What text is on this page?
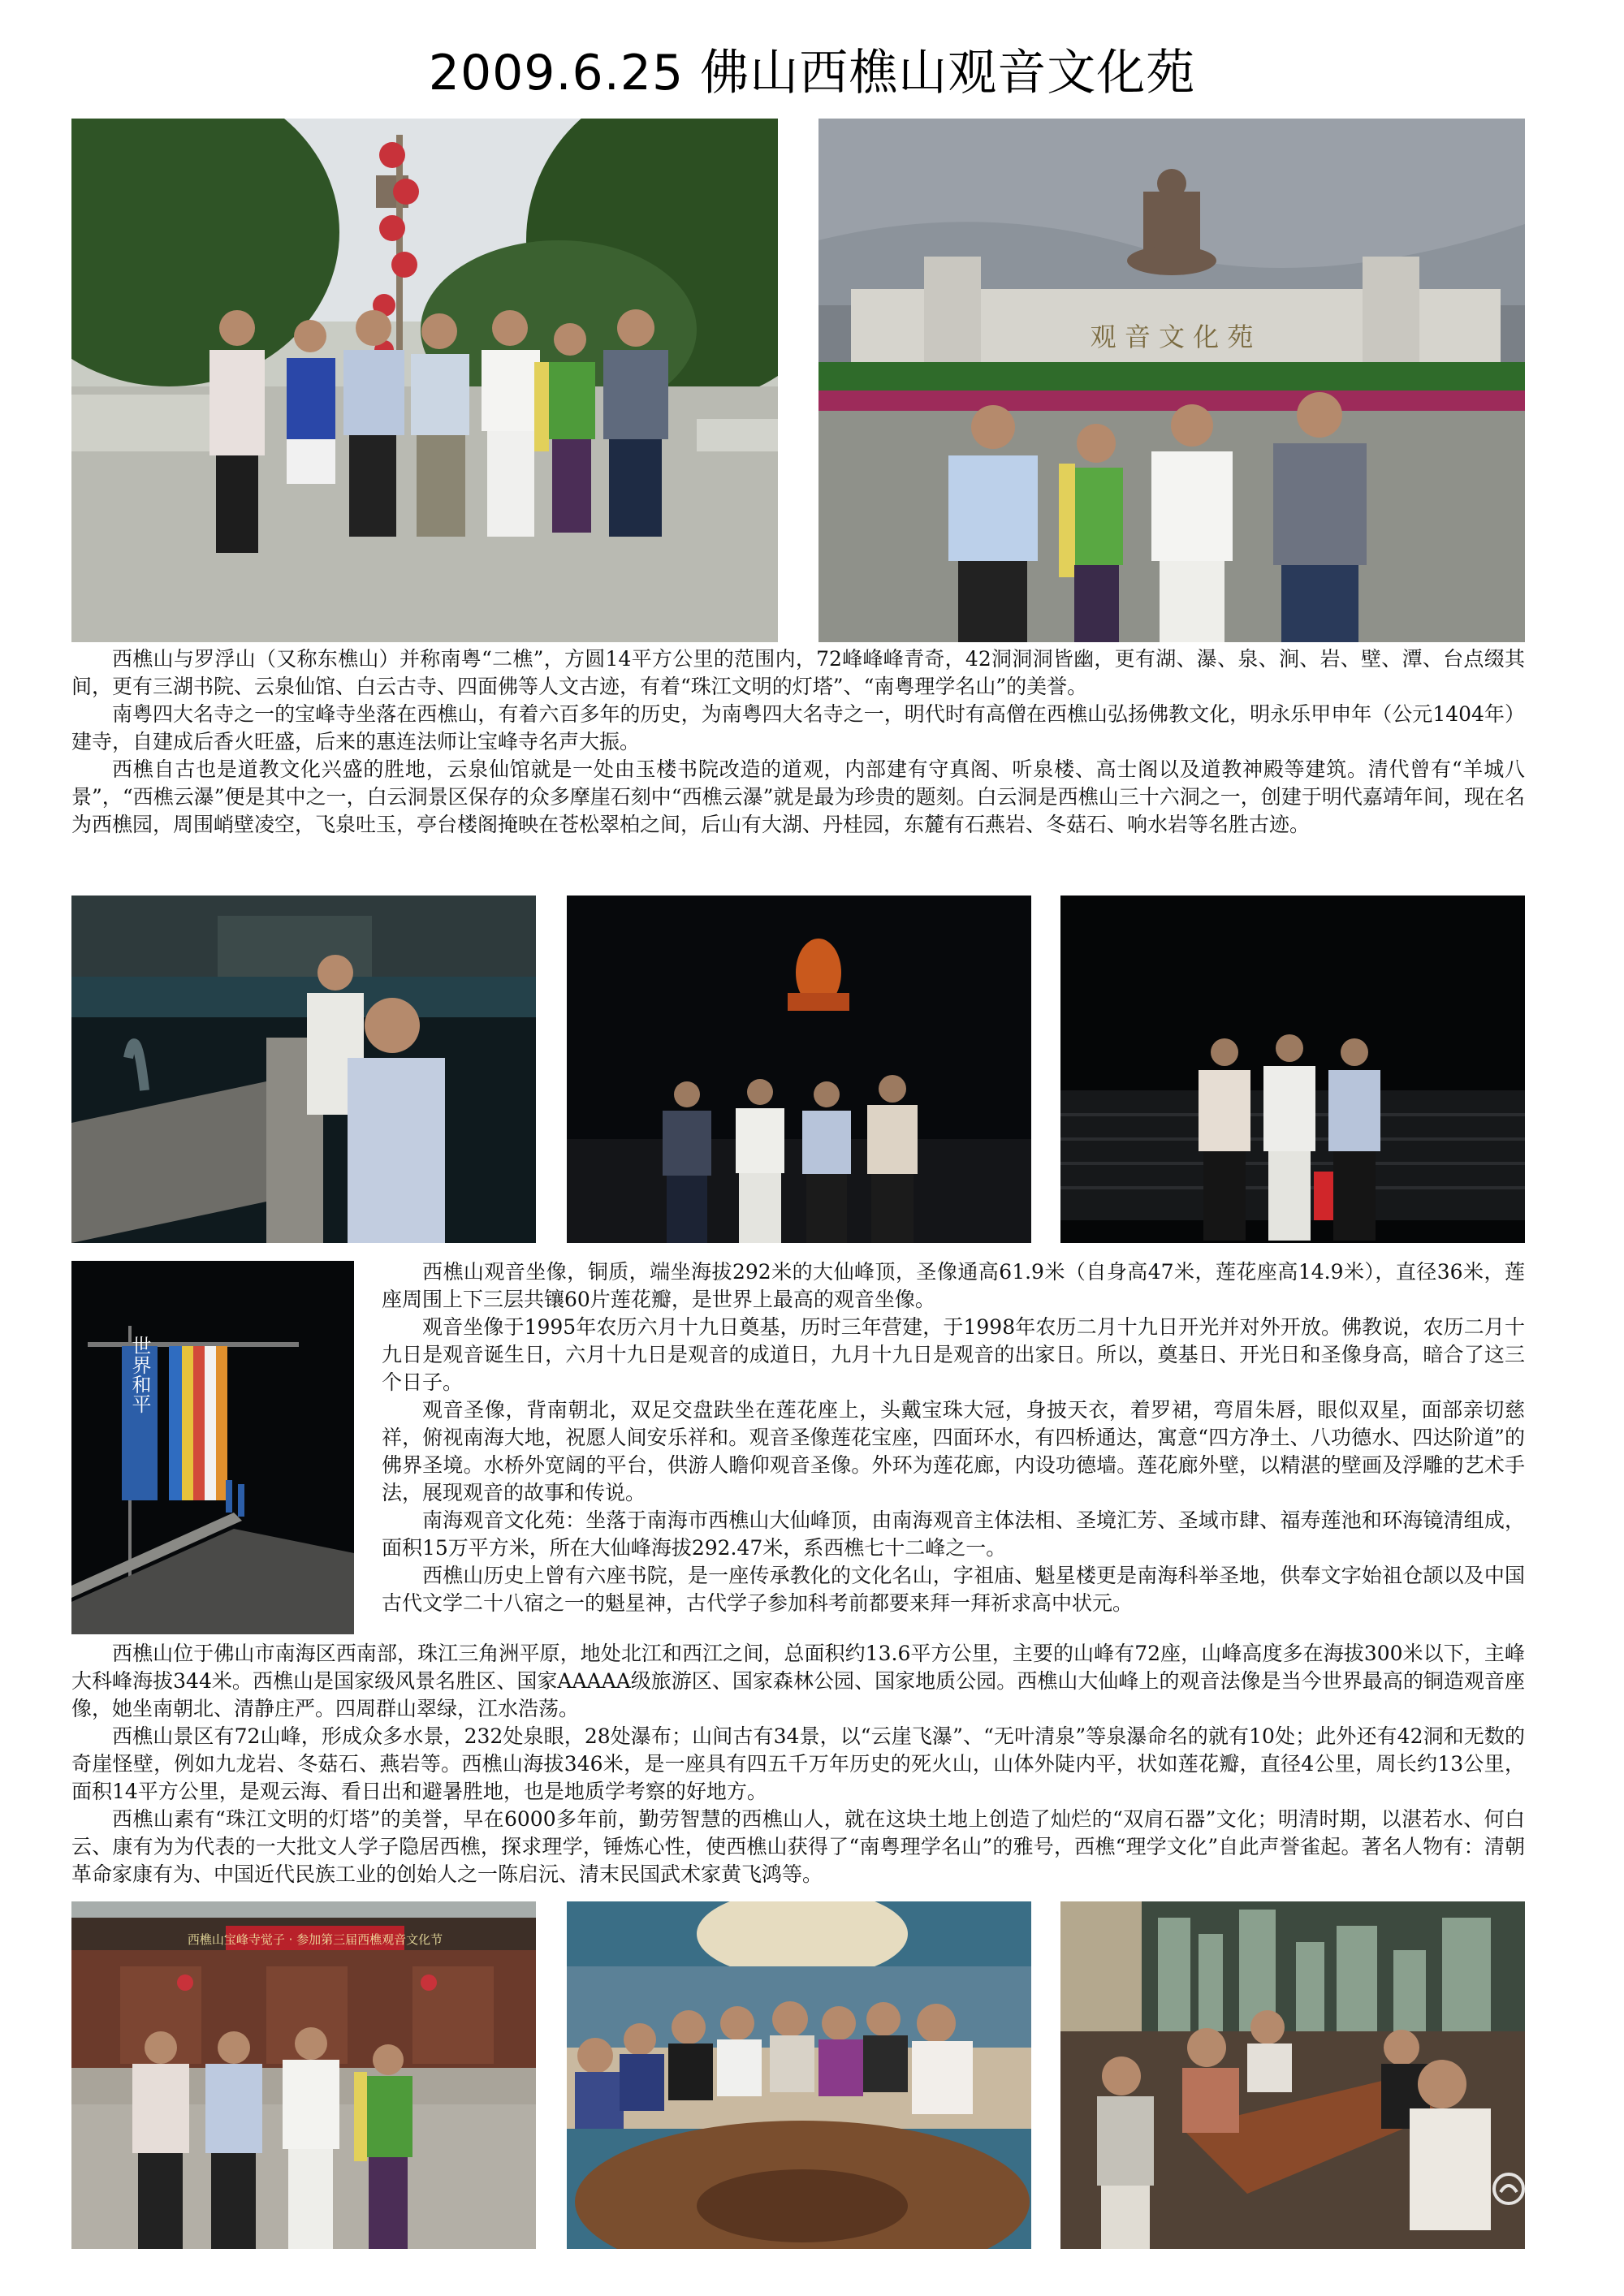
2009.6.25 佛山西樵山观音文化苑
观 音 文 化 苑

西樵山与罗浮山（又称东樵山）并称南粤“二樵”，方圆14平方公里的范围内，72峰峰峰青奇，42洞洞洞皆幽，更有湖、瀑、泉、涧、岩、壁、潭、台点缀其间，更有三湖书院、云泉仙馆、白云古寺、四面佛等人文古迹，有着“珠江文明的灯塔”、“南粤理学名山”的美誉。

南粤四大名寺之一的宝峰寺坐落在西樵山，有着六百多年的历史，为南粤四大名寺之一，明代时有高僧在西樵山弘扬佛教文化，明永乐甲申年（公元1404年）建寺，自建成后香火旺盛，后来的惠连法师让宝峰寺名声大振。

西樵自古也是道教文化兴盛的胜地，云泉仙馆就是一处由玉楼书院改造的道观，内部建有守真阁、听泉楼、高士阁以及道教神殿等建筑。清代曾有“羊城八景”，“西樵云瀑”便是其中之一，白云洞景区保存的众多摩崖石刻中“西樵云瀑”就是最为珍贵的题刻。白云洞是西樵山三十六洞之一，创建于明代嘉靖年间，现在名为西樵园，周围峭壁凌空，飞泉吐玉，亭台楼阁掩映在苍松翠柏之间，后山有大湖、丹桂园，东麓有石燕岩、冬菇石、响水岩等名胜古迹。

世界和平

西樵山观音坐像，铜质，端坐海拔292米的大仙峰顶，圣像通高61.9米（自身高47米，莲花座高14.9米），直径36米，莲座周围上下三层共镶60片莲花瓣，是世界上最高的观音坐像。

观音坐像于1995年农历六月十九日奠基，历时三年营建，于1998年农历二月十九日开光并对外开放。佛教说，农历二月十九日是观音诞生日，六月十九日是观音的成道日，九月十九日是观音的出家日。所以，奠基日、开光日和圣像身高，暗合了这三个日子。

观音圣像，背南朝北，双足交盘趺坐在莲花座上，头戴宝珠大冠，身披天衣，着罗裙，弯眉朱唇，眼似双星，面部亲切慈祥，俯视南海大地，祝愿人间安乐祥和。观音圣像莲花宝座，四面环水，有四桥通达，寓意“四方净土、八功德水、四达阶道”的佛界圣境。水桥外宽阔的平台，供游人瞻仰观音圣像。外环为莲花廊，内设功德墙。莲花廊外壁，以精湛的壁画及浮雕的艺术手法，展现观音的故事和传说。

南海观音文化苑：坐落于南海市西樵山大仙峰顶，由南海观音主体法相、圣境汇芳、圣域市肆、福寿莲池和环海镜清组成，面积15万平方米，所在大仙峰海拔292.47米，系西樵七十二峰之一。

西樵山历史上曾有六座书院，是一座传承教化的文化名山，字祖庙、魁星楼更是南海科举圣地，供奉文字始祖仓颉以及中国古代文学二十八宿之一的魁星神，古代学子参加科考前都要来拜一拜祈求高中状元。

西樵山位于佛山市南海区西南部，珠江三角洲平原，地处北江和西江之间，总面积约13.6平方公里，主要的山峰有72座，山峰高度多在海拔300米以下，主峰大科峰海拔344米。西樵山是国家级风景名胜区、国家AAAAA级旅游区、国家森林公园、国家地质公园。西樵山大仙峰上的观音法像是当今世界最高的铜造观音座像，她坐南朝北、清静庄严。四周群山翠绿，江水浩荡。

西樵山景区有72山峰，形成众多水景，232处泉眼，28处瀑布；山间古有34景，以“云崖飞瀑”、“无叶清泉”等泉瀑命名的就有10处；此外还有42洞和无数的奇崖怪壁，例如九龙岩、冬菇石、燕岩等。西樵山海拔346米，是一座具有四五千万年历史的死火山，山体外陡内平，状如莲花瓣，直径4公里，周长约13公里，面积14平方公里，是观云海、看日出和避暑胜地，也是地质学考察的好地方。

西樵山素有“珠江文明的灯塔”的美誉，早在6000多年前，勤劳智慧的西樵山人，就在这块土地上创造了灿烂的“双肩石器”文化；明清时期，以湛若水、何白云、康有为为代表的一大批文人学子隐居西樵，探求理学，锤炼心性，使西樵山获得了“南粤理学名山”的雅号，西樵“理学文化”自此声誉雀起。著名人物有：清朝革命家康有为、中国近代民族工业的创始人之一陈启沅、清末民国武术家黄飞鸿等。

西樵山宝峰寺觉子 · 参加第三届西樵观音文化节
美篇
@
